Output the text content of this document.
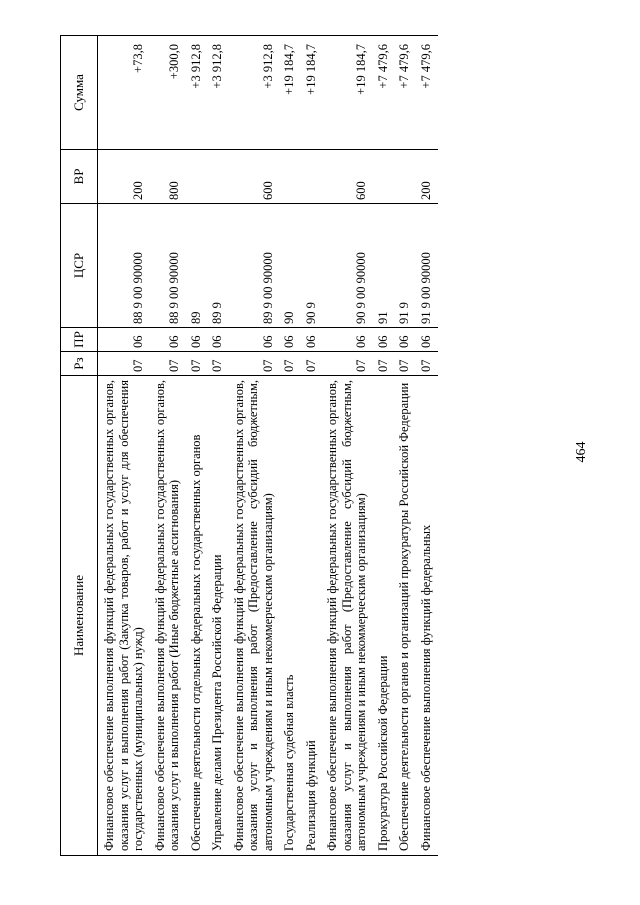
464
Наименование	Рз	ПР	ЦСР	ВР	Сумма
Финансовое обеспечение выполнения функций федеральных государственных органов, оказания услуг и выполнения работ (Закупка товаров, работ и услуг для обеспечения государственных (муниципальных) нужд)	07	06	88 9 00 90000	200	+73,8
Финансовое обеспечение выполнения функций федеральных государственных органов, оказания услуг и выполнения работ (Иные бюджетные ассигнования)	07	06	88 9 00 90000	800	+300,0
Обеспечение деятельности отдельных федеральных государственных органов	07	06	89		+3 912,8
Управление делами Президента Российской Федерации	07	06	89 9		+3 912,8
Финансовое обеспечение выполнения функций федеральных государственных органов, оказания услуг и выполнения работ (Предоставление субсидий бюджетным, автономным учреждениям и иным некоммерческим организациям)	07	06	89 9 00 90000	600	+3 912,8
Государственная судебная власть	07	06	90		+19 184,7
Реализация функций	07	06	90 9		+19 184,7
Финансовое обеспечение выполнения функций федеральных государственных органов, оказания услуг и выполнения работ (Предоставление субсидий бюджетным, автономным учреждениям и иным некоммерческим организациям)	07	06	90 9 00 90000	600	+19 184,7
Прокуратура Российской Федерации	07	06	91		+7 479,6
Обеспечение деятельности органов и организаций прокуратуры Российской Федерации	07	06	91 9		+7 479,6
Финансовое обеспечение выполнения функций федеральных	07	06	91 9 00 90000	200	+7 479,6
